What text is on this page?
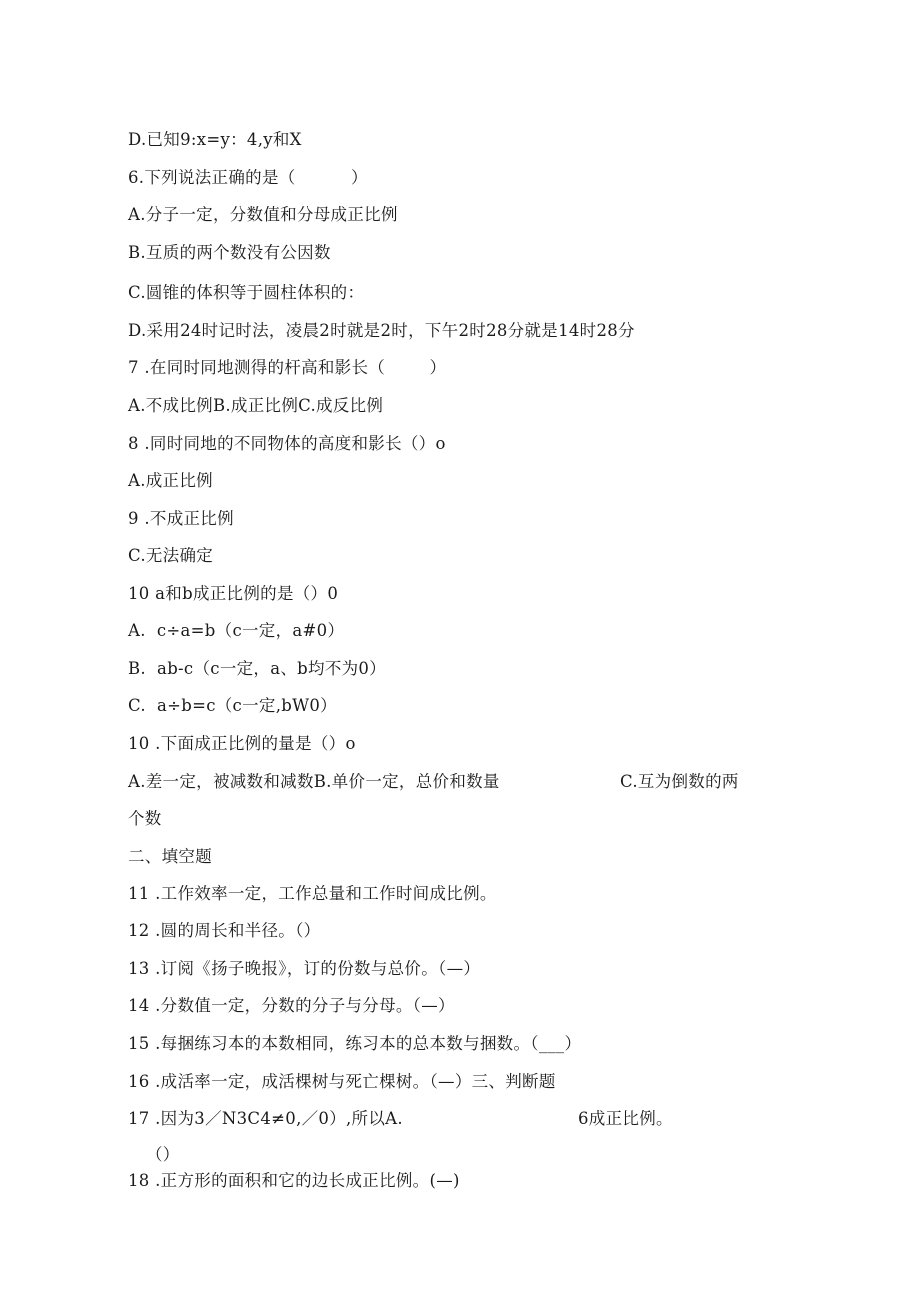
D.已知9:x=y：4,y和X
6.下列说法正确的是（          ）
A.分子一定，分数值和分母成正比例
B.互质的两个数没有公因数
C.圆锥的体积等于圆柱体积的：
D.采用24时记时法，凌晨2时就是2时，下午2时28分就是14时28分
7 .在同时同地测得的杆高和影长（        ）
A.不成比例B.成正比例C.成反比例
8 .同时同地的不同物体的高度和影长（）o
A.成正比例
9 .不成正比例
C.无法确定
10 a和b成正比例的是（）0
A.  c÷a=b（c一定，a#0）
B.  ab-c（c一定，a、b均不为0）
C.  a÷b=c（c一定,bW0）
10 .下面成正比例的量是（）o
A.差一定，被减数和减数B.单价一定，总价和数量	C.互为倒数的两
个数
二、填空题
11 .工作效率一定，工作总量和工作时间成比例。
12 .圆的周长和半径。（）
13 .订阅《扬子晚报》，订的份数与总价。（—）
14 .分数值一定，分数的分子与分母。（—）
15 .每捆练习本的本数相同，练习本的总本数与捆数。（___）
16 .成活率一定，成活棵树与死亡棵树。（—）三、判断题
17 .因为3／N3C4≠0,／0）,所以A.	6成正比例。
（）
18 .正方形的面积和它的边长成正比例。(—)
